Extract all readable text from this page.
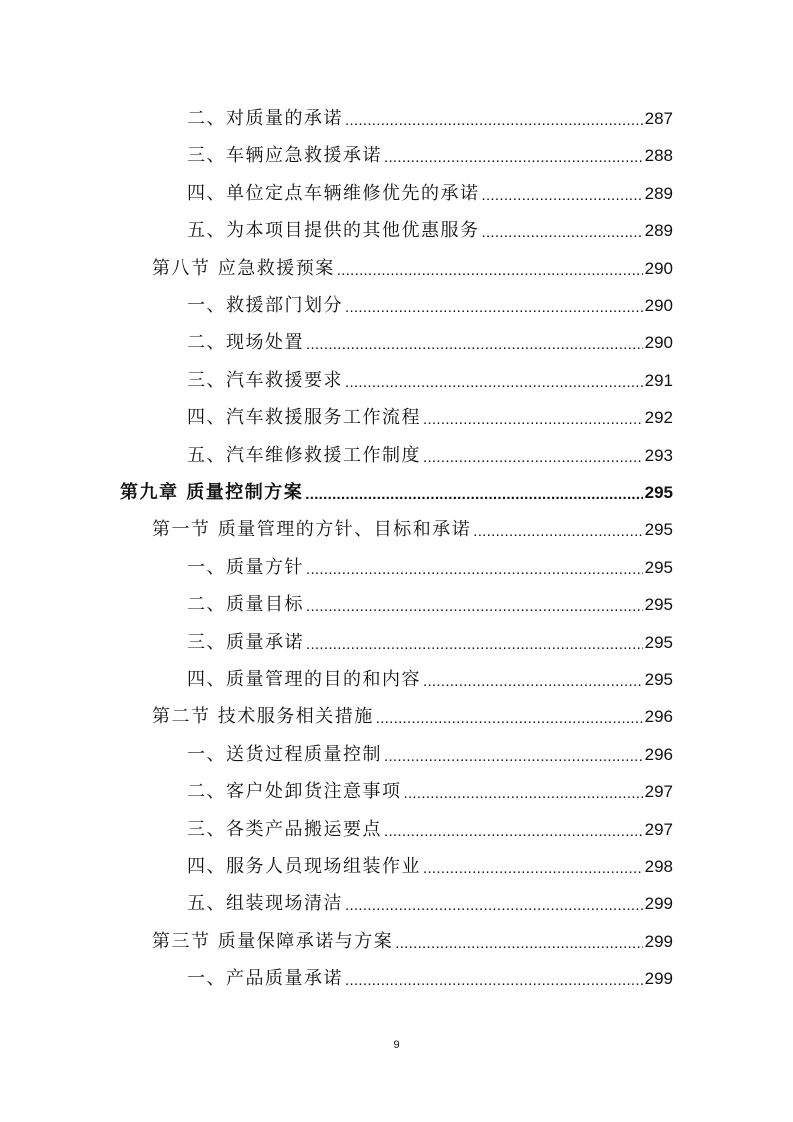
二、对质量的承诺 .....	287
三、车辆应急救援承诺 .....	288
四、单位定点车辆维修优先的承诺 .....	289
五、为本项目提供的其他优惠服务 .....	289
第八节 应急救援预案 .....	290
一、救援部门划分 .....	290
二、现场处置 .....	290
三、汽车救援要求 .....	291
四、汽车救援服务工作流程 .....	292
五、汽车维修救援工作制度 .....	293
第九章 质量控制方案 .....	295
第一节 质量管理的方针、目标和承诺 .....	295
一、质量方针 .....	295
二、质量目标 .....	295
三、质量承诺 .....	295
四、质量管理的目的和内容 .....	295
第二节 技术服务相关措施 .....	296
一、送货过程质量控制 .....	296
二、客户处卸货注意事项 .....	297
三、各类产品搬运要点 .....	297
四、服务人员现场组装作业 .....	298
五、组装现场清洁 .....	299
第三节 质量保障承诺与方案 .....	299
一、产品质量承诺 .....	299
9
